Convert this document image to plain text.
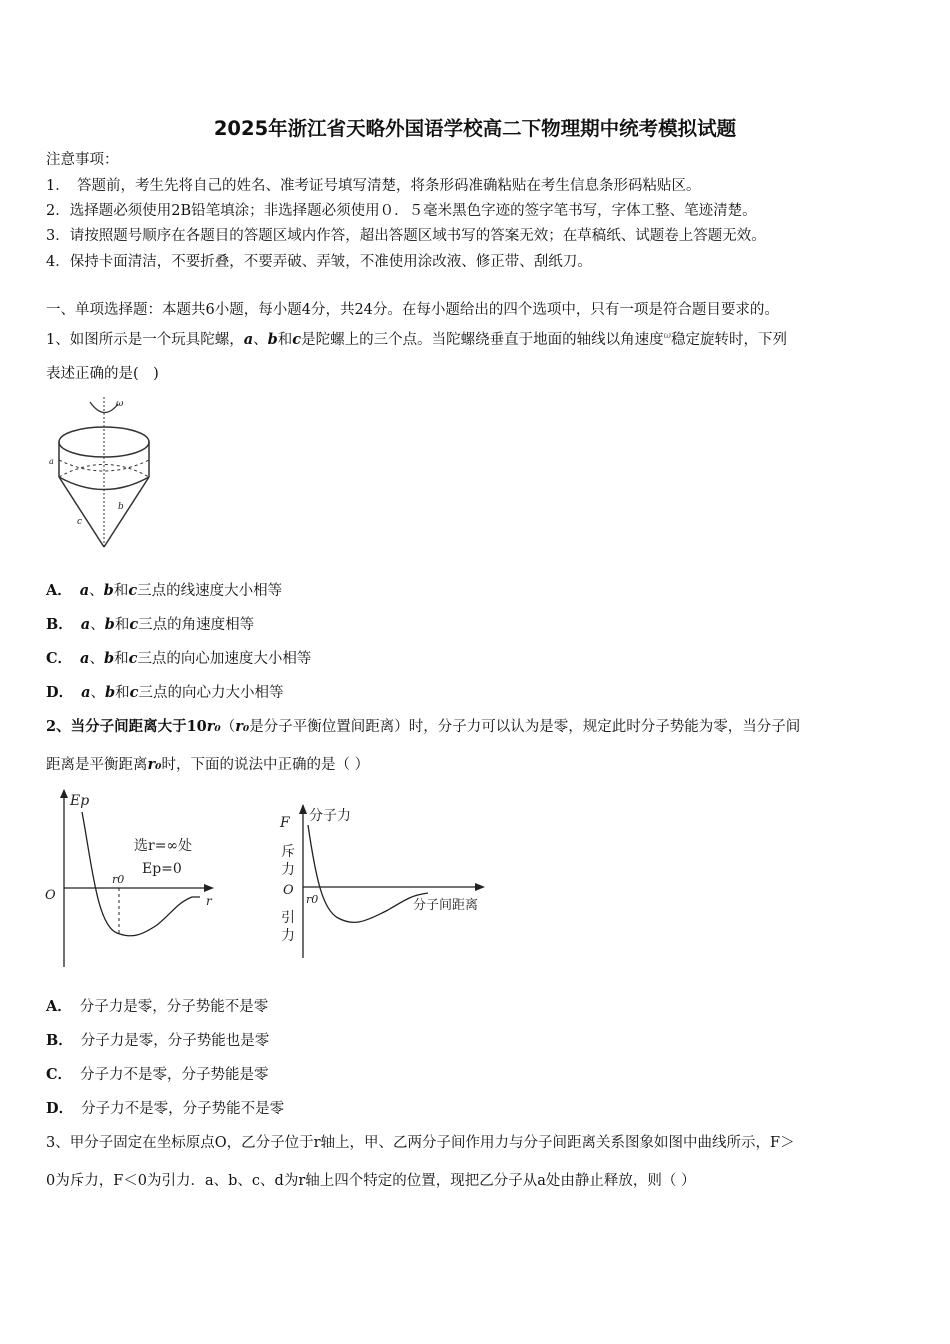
2025年浙江省天略外国语学校高二下物理期中统考模拟试题
注意事项：
1．　答题前，考生先将自己的姓名、准考证号填写清楚，将条形码准确粘贴在考生信息条形码粘贴区。
2．选择题必须使用2B铅笔填涂；非选择题必须使用０．５毫米黑色字迹的签字笔书写，字体工整、笔迹清楚。
3．请按照题号顺序在各题目的答题区域内作答，超出答题区域书写的答案无效；在草稿纸、试题卷上答题无效。
4．保持卡面清洁，不要折叠，不要弄破、弄皱，不准使用涂改液、修正带、刮纸刀。
一、单项选择题：本题共6小题，每小题4分，共24分。在每小题给出的四个选项中，只有一项是符合题目要求的。
1、如图所示是一个玩具陀螺，a、b和c是陀螺上的三个点。当陀螺绕垂直于地面的轴线以角速度$^\omega$稳定旋转时，下列
表述正确的是(　)
ω
a
b
c
A． a、b和c三点的线速度大小相等
B． a、b和c三点的角速度相等
C． a、b和c三点的向心加速度大小相等
D． a、b和c三点的向心力大小相等
2、当分子间距离大于10r₀（r₀是分子平衡位置间距离）时，分子力可以认为是零，规定此时分子势能为零，当分子间
距离是平衡距离r₀时，下面的说法中正确的是（ ）
Ep
O
r0
r
选r=∞处
Ep=0
F 分子力
斥
力
O
r0
引
力
分子间距离
A． 分子力是零，分子势能不是零
B． 分子力是零，分子势能也是零
C． 分子力不是零，分子势能是零
D． 分子力不是零，分子势能不是零
3、甲分子固定在坐标原点O，乙分子位于r轴上，甲、乙两分子间作用力与分子间距离关系图象如图中曲线所示，F＞
0为斥力，F＜0为引力．a、b、c、d为r轴上四个特定的位置，现把乙分子从a处由静止释放，则（ ）
